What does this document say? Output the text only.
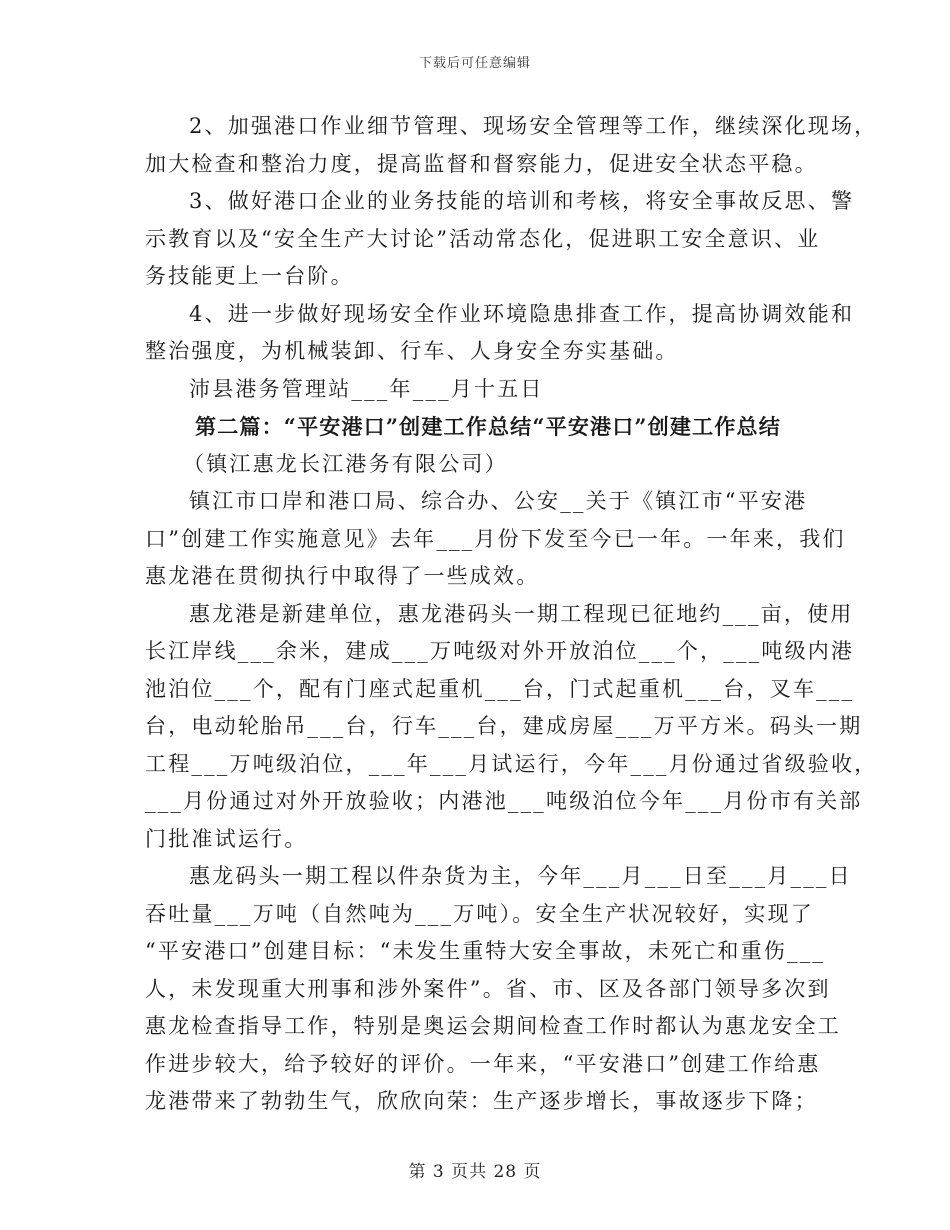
下载后可任意编辑
2、加强港口作业细节管理、现场安全管理等工作，继续深化现场，
加大检查和整治力度，提高监督和督察能力，促进安全状态平稳。
3、做好港口企业的业务技能的培训和考核，将安全事故反思、警
示教育以及“安全生产大讨论”活动常态化，促进职工安全意识、业
务技能更上一台阶。
4、进一步做好现场安全作业环境隐患排查工作，提高协调效能和
整治强度，为机械装卸、行车、人身安全夯实基础。
沛县港务管理站___年___月十五日
第二篇：“平安港口”创建工作总结“平安港口”创建工作总结
（镇江惠龙长江港务有限公司）
镇江市口岸和港口局、综合办、公安__关于《镇江市“平安港
口”创建工作实施意见》去年___月份下发至今已一年。一年来，我们
惠龙港在贯彻执行中取得了一些成效。
惠龙港是新建单位，惠龙港码头一期工程现已征地约___亩，使用
长江岸线___余米，建成___万吨级对外开放泊位___个，___吨级内港
池泊位___个，配有门座式起重机___台，门式起重机___台，叉车___
台，电动轮胎吊___台，行车___台，建成房屋___万平方米。码头一期
工程___万吨级泊位，___年___月试运行，今年___月份通过省级验收，
___月份通过对外开放验收；内港池___吨级泊位今年___月份市有关部
门批准试运行。
惠龙码头一期工程以件杂货为主，今年___月___日至___月___日
吞吐量___万吨（自然吨为___万吨）。安全生产状况较好，实现了
“平安港口”创建目标：“未发生重特大安全事故，未死亡和重伤___
人，未发现重大刑事和涉外案件”。省、市、区及各部门领导多次到
惠龙检查指导工作，特别是奥运会期间检查工作时都认为惠龙安全工
作进步较大，给予较好的评价。一年来，“平安港口”创建工作给惠
龙港带来了勃勃生气，欣欣向荣：生产逐步增长，事故逐步下降；
第 3 页共 28 页
